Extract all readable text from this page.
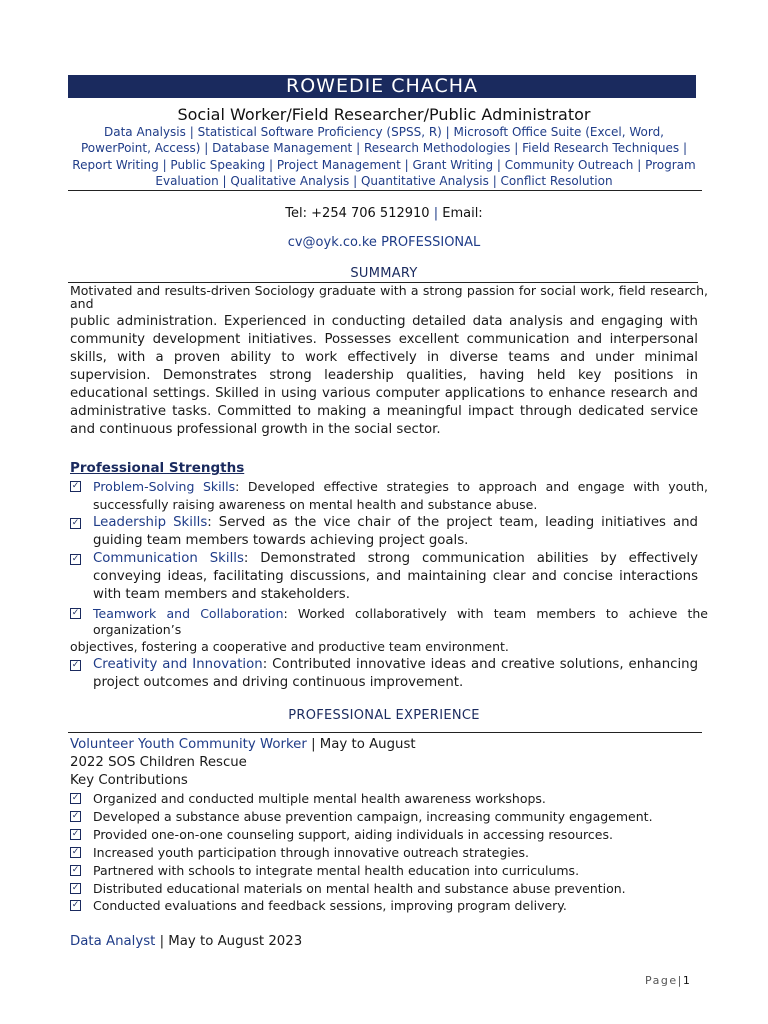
ROWEDIE CHACHA
Social Worker/Field Researcher/Public Administrator
Data Analysis | Statistical Software Proficiency (SPSS, R) | Microsoft Office Suite (Excel, Word, PowerPoint, Access) | Database Management | Research Methodologies | Field Research Techniques | Report Writing | Public Speaking | Project Management | Grant Writing | Community Outreach | Program Evaluation | Qualitative Analysis | Quantitative Analysis | Conflict Resolution
Tel: +254 706 512910 | Email:
cv@oyk.co.ke PROFESSIONAL
SUMMARY
Motivated and results-driven Sociology graduate with a strong passion for social work, field research, and
public administration. Experienced in conducting detailed data analysis and engaging with community development initiatives. Possesses excellent communication and interpersonal skills, with a proven ability to work effectively in diverse teams and under minimal supervision. Demonstrates strong leadership qualities, having held key positions in educational settings. Skilled in using various computer applications to enhance research and administrative tasks. Committed to making a meaningful impact through dedicated service and continuous professional growth in the social sector.
Professional Strengths
✓ Problem-Solving Skills: Developed effective strategies to approach and engage with youth, successfully raising awareness on mental health and substance abuse.
✓ Leadership Skills: Served as the vice chair of the project team, leading initiatives and guiding team members towards achieving project goals.
✓ Communication Skills: Demonstrated strong communication abilities by effectively conveying ideas, facilitating discussions, and maintaining clear and concise interactions with team members and stakeholders.
✓ Teamwork and Collaboration: Worked collaboratively with team members to achieve the organization’s
objectives, fostering a cooperative and productive team environment.
✓ Creativity and Innovation: Contributed innovative ideas and creative solutions, enhancing project outcomes and driving continuous improvement.
PROFESSIONAL EXPERIENCE
Volunteer Youth Community Worker | May to August
2022 SOS Children Rescue
Key Contributions
✓ Organized and conducted multiple mental health awareness workshops.
✓ Developed a substance abuse prevention campaign, increasing community engagement.
✓ Provided one-on-one counseling support, aiding individuals in accessing resources.
✓ Increased youth participation through innovative outreach strategies.
✓ Partnered with schools to integrate mental health education into curriculums.
✓ Distributed educational materials on mental health and substance abuse prevention.
✓ Conducted evaluations and feedback sessions, improving program delivery.
Data Analyst | May to August 2023
Page|1
